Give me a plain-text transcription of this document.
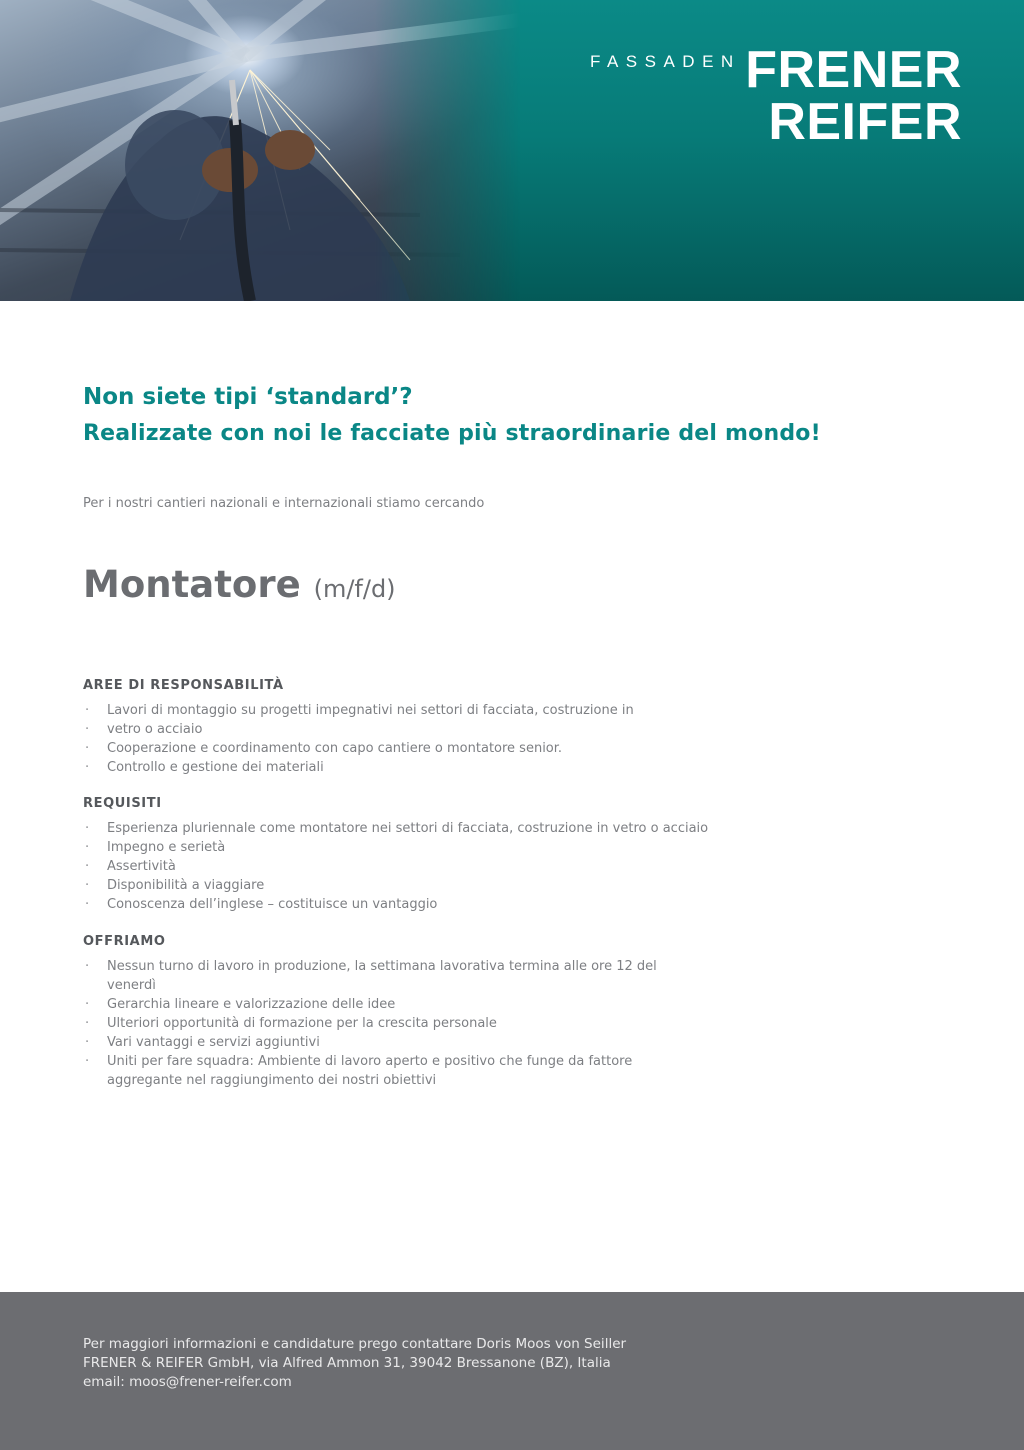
FASSADEN FRENER
REIFER
Non siete tipi ‘standard’?
Realizzate con noi le facciate più straordinarie del mondo!

Per i nostri cantieri nazionali e internazionali stiamo cercando

Montatore (m/f/d)
AREE DI RESPONSABILITÀ
· Lavori di montaggio su progetti impegnativi nei settori di facciata, costruzione in
· vetro o acciaio
· Cooperazione e coordinamento con capo cantiere o montatore senior.
· Controllo e gestione dei materiali
REQUISITI
· Esperienza pluriennale come montatore nei settori di facciata, costruzione in vetro o acciaio
· Impegno e serietà
· Assertività
· Disponibilità a viaggiare
· Conoscenza dell’inglese – costituisce un vantaggio
OFFRIAMO
· Nessun turno di lavoro in produzione, la settimana lavorativa termina alle ore 12 del venerdì
· Gerarchia lineare e valorizzazione delle idee
· Ulteriori opportunità di formazione per la crescita personale
· Vari vantaggi e servizi aggiuntivi
· Uniti per fare squadra: Ambiente di lavoro aperto e positivo che funge da fattore aggregante nel raggiungimento dei nostri obiettivi
Per maggiori informazioni e candidature prego contattare Doris Moos von Seiller
FRENER & REIFER GmbH, via Alfred Ammon 31, 39042 Bressanone (BZ), Italia
email: moos@frener-reifer.com
